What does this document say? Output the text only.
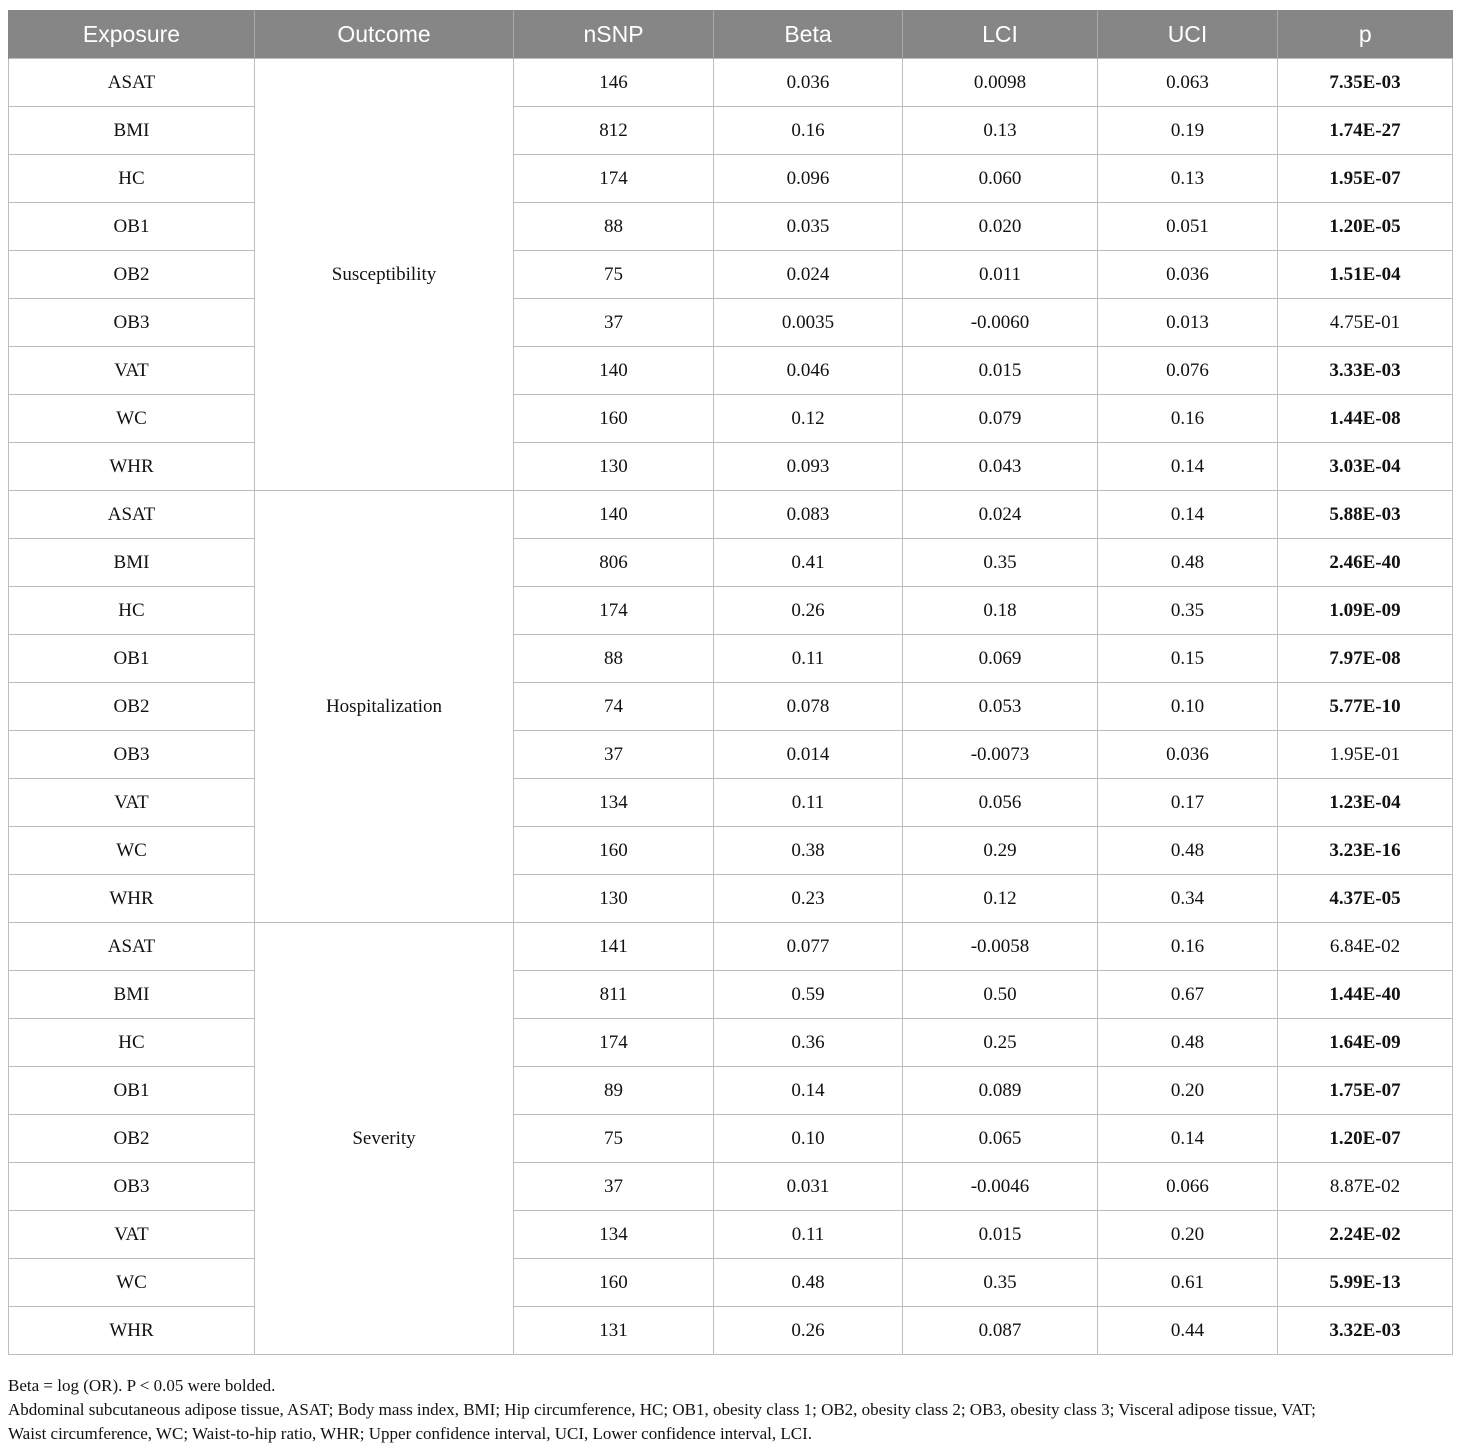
Exposure	Outcome	nSNP	Beta	LCI	UCI	p
ASAT	Susceptibility	146	0.036	0.0098	0.063	7.35E-03
BMI		812	0.16	0.13	0.19	1.74E-27
HC		174	0.096	0.060	0.13	1.95E-07
OB1		88	0.035	0.020	0.051	1.20E-05
OB2		75	0.024	0.011	0.036	1.51E-04
OB3		37	0.0035	-0.0060	0.013	4.75E-01
VAT		140	0.046	0.015	0.076	3.33E-03
WC		160	0.12	0.079	0.16	1.44E-08
WHR		130	0.093	0.043	0.14	3.03E-04
ASAT	Hospitalization	140	0.083	0.024	0.14	5.88E-03
BMI		806	0.41	0.35	0.48	2.46E-40
HC		174	0.26	0.18	0.35	1.09E-09
OB1		88	0.11	0.069	0.15	7.97E-08
OB2		74	0.078	0.053	0.10	5.77E-10
OB3		37	0.014	-0.0073	0.036	1.95E-01
VAT		134	0.11	0.056	0.17	1.23E-04
WC		160	0.38	0.29	0.48	3.23E-16
WHR		130	0.23	0.12	0.34	4.37E-05
ASAT	Severity	141	0.077	-0.0058	0.16	6.84E-02
BMI		811	0.59	0.50	0.67	1.44E-40
HC		174	0.36	0.25	0.48	1.64E-09
OB1		89	0.14	0.089	0.20	1.75E-07
OB2		75	0.10	0.065	0.14	1.20E-07
OB3		37	0.031	-0.0046	0.066	8.87E-02
VAT		134	0.11	0.015	0.20	2.24E-02
WC		160	0.48	0.35	0.61	5.99E-13
WHR		131	0.26	0.087	0.44	3.32E-03

Beta = log (OR). P < 0.05 were bolded.

Abdominal subcutaneous adipose tissue, ASAT; Body mass index, BMI; Hip circumference, HC; OB1, obesity class 1; OB2, obesity class 2; OB3, obesity class 3; Visceral adipose tissue, VAT;

Waist circumference, WC; Waist-to-hip ratio, WHR; Upper confidence interval, UCI, Lower confidence interval, LCI.
